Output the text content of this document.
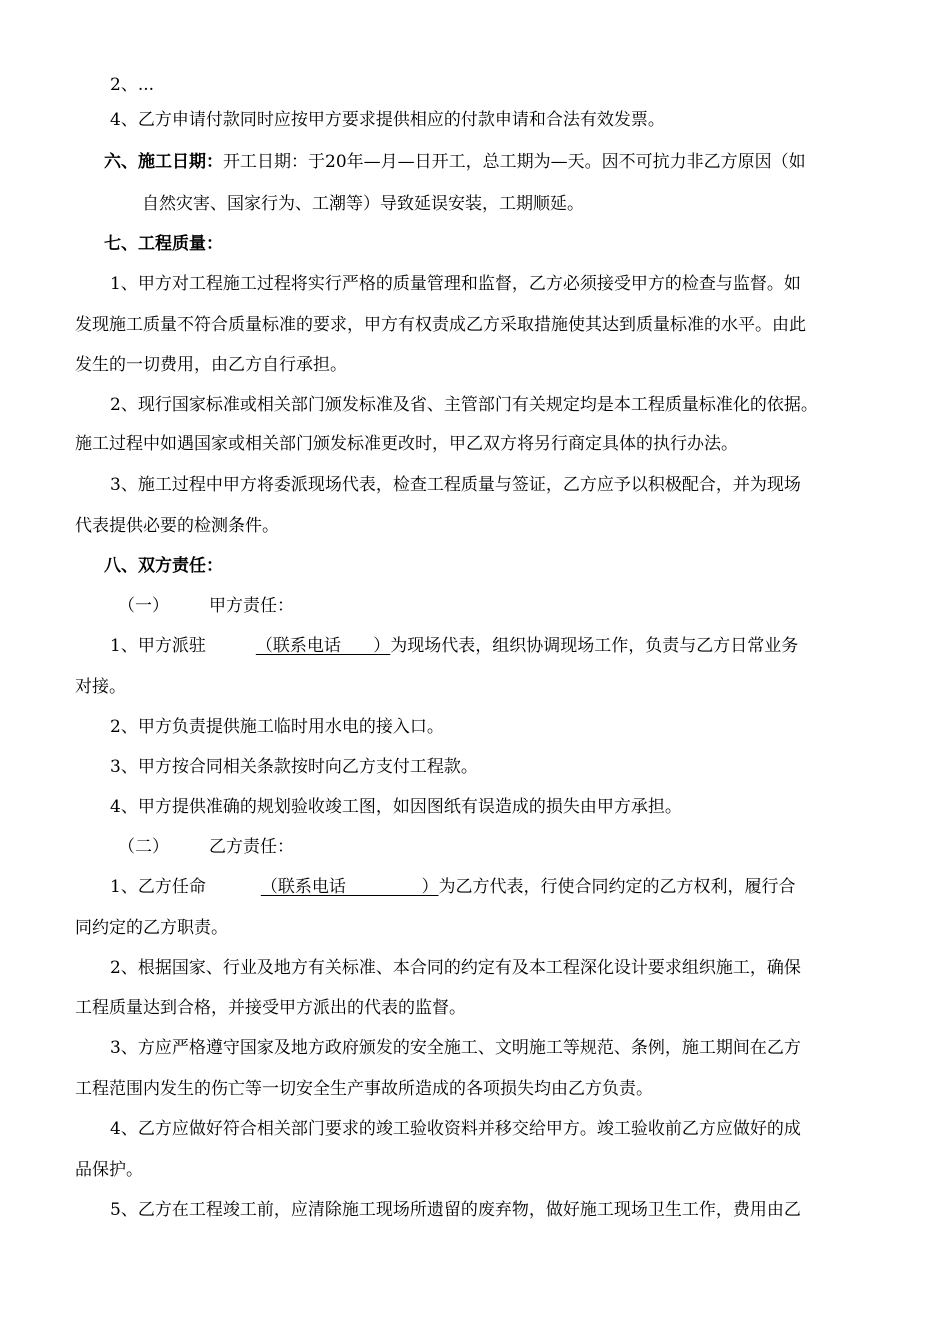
2、...
4、乙方申请付款同时应按甲方要求提供相应的付款申请和合法有效发票。
六、施工日期：开工日期：于20年—月—日开工，总工期为—天。因不可抗力非乙方原因（如
自然灾害、国家行为、工潮等）导致延误安装，工期顺延。
七、工程质量：
1、甲方对工程施工过程将实行严格的质量管理和监督，乙方必须接受甲方的检查与监督。如
发现施工质量不符合质量标准的要求，甲方有权责成乙方采取措施使其达到质量标准的水平。由此
发生的一切费用，由乙方自行承担。
2、现行国家标准或相关部门颁发标准及省、主管部门有关规定均是本工程质量标准化的依据。
施工过程中如遇国家或相关部门颁发标准更改时，甲乙双方将另行商定具体的执行办法。
3、施工过程中甲方将委派现场代表，检查工程质量与签证，乙方应予以积极配合，并为现场
代表提供必要的检测条件。
八、双方责任：
（一） 甲方责任：
1、甲方派驻	（联系电话      ）为现场代表，组织协调现场工作，负责与乙方日常业务
对接。
2、甲方负责提供施工临时用水电的接入口。
3、甲方按合同相关条款按时向乙方支付工程款。
4、甲方提供准确的规划验收竣工图，如因图纸有误造成的损失由甲方承担。
（二） 乙方责任：
1、乙方任命	（联系电话              ）为乙方代表，行使合同约定的乙方权利，履行合
同约定的乙方职责。
2、根据国家、行业及地方有关标准、本合同的约定有及本工程深化设计要求组织施工，确保
工程质量达到合格，并接受甲方派出的代表的监督。
3、方应严格遵守国家及地方政府颁发的安全施工、文明施工等规范、条例，施工期间在乙方
工程范围内发生的伤亡等一切安全生产事故所造成的各项损失均由乙方负责。
4、乙方应做好符合相关部门要求的竣工验收资料并移交给甲方。竣工验收前乙方应做好的成
品保护。
5、乙方在工程竣工前，应清除施工现场所遗留的废弃物，做好施工现场卫生工作，费用由乙
